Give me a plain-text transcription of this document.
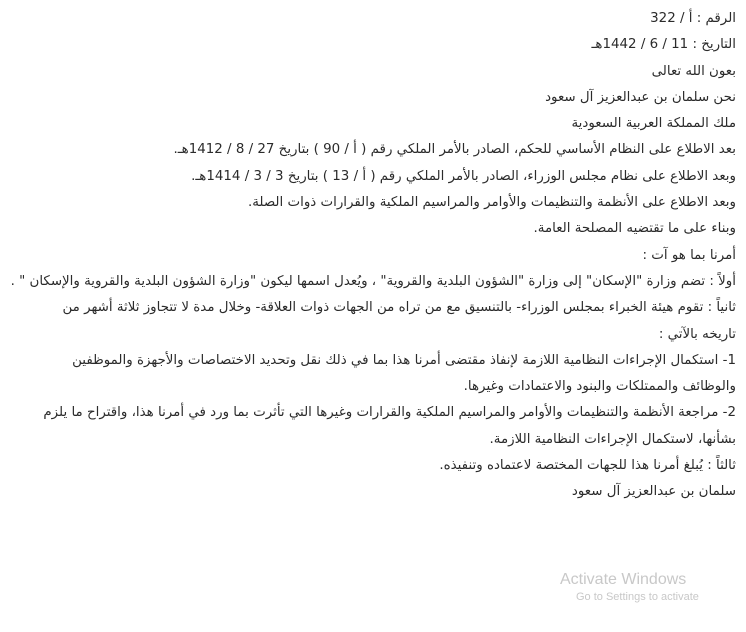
الرقم : أ / 322
التاريخ : 11 / 6 / 1442هـ
بعون الله تعالى
نحن سلمان بن عبدالعزيز آل سعود
ملك المملكة العربية السعودية
بعد الاطلاع على النظام الأساسي للحكم، الصادر بالأمر الملكي رقم ( أ / 90 ) بتاريخ 27 / 8 / 1412هـ.
وبعد الاطلاع على نظام مجلس الوزراء، الصادر بالأمر الملكي رقم ( أ / 13 ) بتاريخ 3 / 3 / 1414هـ.
وبعد الاطلاع على الأنظمة والتنظيمات والأوامر والمراسيم الملكية والقرارات ذوات الصلة.
وبناء على ما تقتضيه المصلحة العامة.
أمرنا بما هو آت :
أولاً : تضم وزارة "الإسكان" إلى وزارة "الشؤون البلدية والقروية" ، ويُعدل اسمها ليكون "وزارة الشؤون البلدية والقروية والإسكان " .
ثانياً : تقوم هيئة الخبراء بمجلس الوزراء- بالتنسيق مع من تراه من الجهات ذوات العلاقة- وخلال مدة لا تتجاوز ثلاثة أشهر من
تاريخه بالآتي :
1- استكمال الإجراءات النظامية اللازمة لإنفاذ مقتضى أمرنا هذا بما في ذلك نقل وتحديد الاختصاصات والأجهزة والموظفين
والوظائف والممتلكات والبنود والاعتمادات وغيرها.
2- مراجعة الأنظمة والتنظيمات والأوامر والمراسيم الملكية والقرارات وغيرها التي تأثرت بما ورد في أمرنا هذا، واقتراح ما يلزم
بشأنها، لاستكمال الإجراءات النظامية اللازمة.
ثالثاً : يُبلغ أمرنا هذا للجهات المختصة لاعتماده وتنفيذه.
سلمان بن عبدالعزيز آل سعود
Activate Windows
Go to Settings to activate
